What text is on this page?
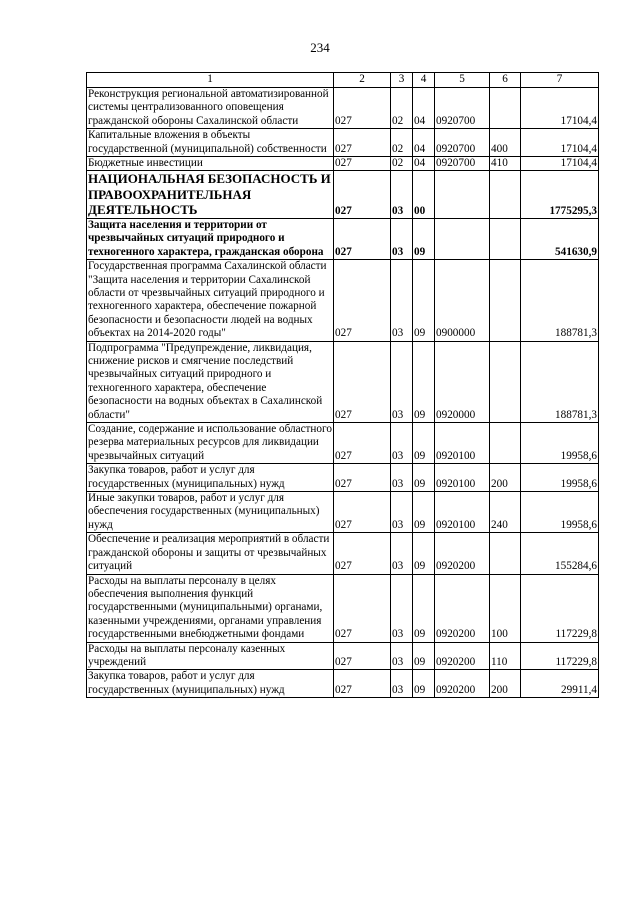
234
1	2	3	4	5	6	7
Реконструкция региональной автоматизированной системы централизованного оповещения гражданской обороны Сахалинской области	027	02	04	0920700		17104,4
Капитальные вложения в объекты государственной (муниципальной) собственности	027	02	04	0920700	400	17104,4
Бюджетные инвестиции	027	02	04	0920700	410	17104,4
НАЦИОНАЛЬНАЯ БЕЗОПАСНОСТЬ И ПРАВООХРАНИТЕЛЬНАЯ ДЕЯТЕЛЬНОСТЬ	027	03	00			1775295,3
Защита населения и территории от чрезвычайных ситуаций природного и техногенного характера, гражданская оборона	027	03	09			541630,9
Государственная программа Сахалинской области "Защита населения и территории Сахалинской области от чрезвычайных ситуаций природного и техногенного характера, обеспечение пожарной безопасности и безопасности людей на водных объектах на 2014-2020 годы"	027	03	09	0900000		188781,3
Подпрограмма "Предупреждение, ликвидация, снижение рисков и смягчение последствий чрезвычайных ситуаций природного и техногенного характера, обеспечение безопасности на водных объектах в Сахалинской области"	027	03	09	0920000		188781,3
Создание, содержание и использование областного резерва материальных ресурсов для ликвидации чрезвычайных ситуаций	027	03	09	0920100		19958,6
Закупка товаров, работ и услуг для государственных (муниципальных) нужд	027	03	09	0920100	200	19958,6
Иные закупки товаров, работ и услуг для обеспечения государственных (муниципальных) нужд	027	03	09	0920100	240	19958,6
Обеспечение и реализация мероприятий в области гражданской обороны и защиты от чрезвычайных ситуаций	027	03	09	0920200		155284,6
Расходы на выплаты персоналу в целях обеспечения выполнения функций государственными (муниципальными) органами, казенными учреждениями, органами управления государственными внебюджетными фондами	027	03	09	0920200	100	117229,8
Расходы на выплаты персоналу казенных учреждений	027	03	09	0920200	110	117229,8
Закупка товаров, работ и услуг для государственных (муниципальных) нужд	027	03	09	0920200	200	29911,4
